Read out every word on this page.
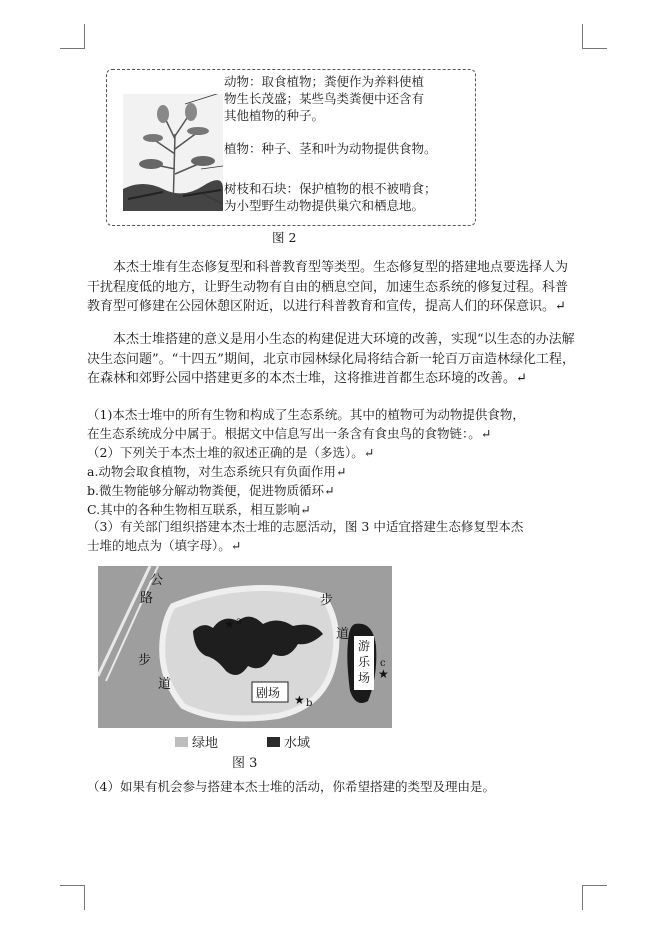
动物：取食植物；粪便作为养料使植
物生长茂盛；某些鸟类粪便中还含有
其他植物的种子。
植物：种子、茎和叶为动物提供食物。
树枝和石块：保护植物的根不被啃食；
为小型野生动物提供巢穴和栖息地。
图 2
本杰士堆有生态修复型和科普教育型等类型。生态修复型的搭建地点要选择人为干扰程度低的地方，让野生动物有自由的栖息空间，加速生态系统的修复过程。科普教育型可修建在公园休憩区附近，以进行科普教育和宣传，提高人们的环保意识。↵
本杰士堆搭建的意义是用小生态的构建促进大环境的改善，实现“以生态的办法解决生态问题”。“十四五”期间，北京市园林绿化局将结合新一轮百万亩造林绿化工程，在森林和郊野公园中搭建更多的本杰士堆，这将推进首都生态环境的改善。↵
（1)本杰士堆中的所有生物和构成了生态系统。其中的植物可为动物提供食物，
在生态系统成分中属于。根据文中信息写出一条含有食虫鸟的食物链：。↵
（2）下列关于本杰士堆的叙述正确的是（多选）。↵
a.动物会取食植物，对生态系统只有负面作用↵
b.微生物能够分解动物粪便，促进物质循环↵
C.其中的各种生物相互联系，相互影响↵
（3）有关部门组织搭建本杰士堆的志愿活动，图 3 中适宜搭建生态修复型本杰
士堆的地点为（填字母）。↵
★
★
★
公
路
步
道
步
道
剧场
游
乐
场
a
b
c
绿地	水域
图 3
（4）如果有机会参与搭建本杰士堆的活动，你希望搭建的类型及理由是。
